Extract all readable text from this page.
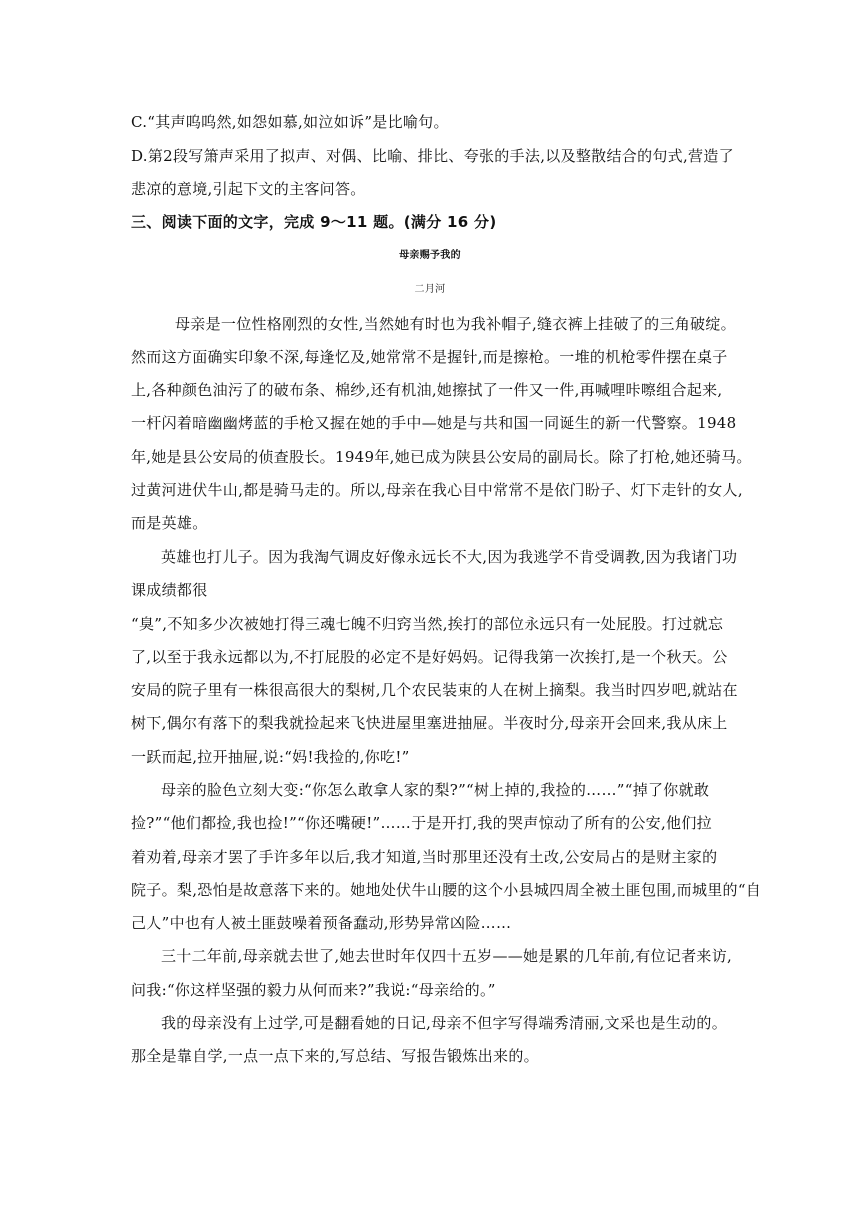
C.“其声呜呜然,如怨如慕,如泣如诉”是比喻句。
D.第2段写箫声采用了拟声、对偶、比喻、排比、夸张的手法,以及整散结合的句式,营造了
悲凉的意境,引起下文的主客问答。
三、阅读下面的文字，完成 9～11 题。(满分 16 分)
母亲赐予我的
二月河
母亲是一位性格刚烈的女性,当然她有时也为我补帽子,缝衣裤上挂破了的三角破绽。
然而这方面确实印象不深,每逢忆及,她常常不是握针,而是擦枪。一堆的机枪零件摆在桌子
上,各种颜色油污了的破布条、棉纱,还有机油,她擦拭了一件又一件,再喊哩咔嚓组合起来,
一杆闪着暗幽幽烤蓝的手枪又握在她的手中—她是与共和国一同诞生的新一代警察。1948
年,她是县公安局的侦查股长。1949年,她已成为陕县公安局的副局长。除了打枪,她还骑马。
过黄河进伏牛山,都是骑马走的。所以,母亲在我心目中常常不是依门盼子、灯下走针的女人,
而是英雄。
英雄也打儿子。因为我淘气调皮好像永远长不大,因为我逃学不肯受调教,因为我诸门功
课成绩都很
“臭”,不知多少次被她打得三魂七魄不归窍当然,挨打的部位永远只有一处屁股。打过就忘
了,以至于我永远都以为,不打屁股的必定不是好妈妈。记得我第一次挨打,是一个秋天。公
安局的院子里有一株很高很大的梨树,几个农民装束的人在树上摘梨。我当时四岁吧,就站在
树下,偶尔有落下的梨我就捡起来飞快进屋里塞进抽屉。半夜时分,母亲开会回来,我从床上
一跃而起,拉开抽屉,说:“妈!我捡的,你吃!”
母亲的脸色立刻大变:“你怎么敢拿人家的梨?”“树上掉的,我捡的……”“掉了你就敢
捡?”“他们都捡,我也捡!”“你还嘴硬!”……于是开打,我的哭声惊动了所有的公安,他们拉
着劝着,母亲才罢了手许多年以后,我才知道,当时那里还没有土改,公安局占的是财主家的
院子。梨,恐怕是故意落下来的。她地处伏牛山腰的这个小县城四周全被土匪包围,而城里的“自
己人”中也有人被土匪鼓噪着预备蠢动,形势异常凶险……
三十二年前,母亲就去世了,她去世时年仅四十五岁——她是累的几年前,有位记者来访,
问我:“你这样坚强的毅力从何而来?”我说:“母亲给的。”
我的母亲没有上过学,可是翻看她的日记,母亲不但字写得端秀清丽,文采也是生动的。
那全是靠自学,一点一点下来的,写总结、写报告锻炼出来的。
